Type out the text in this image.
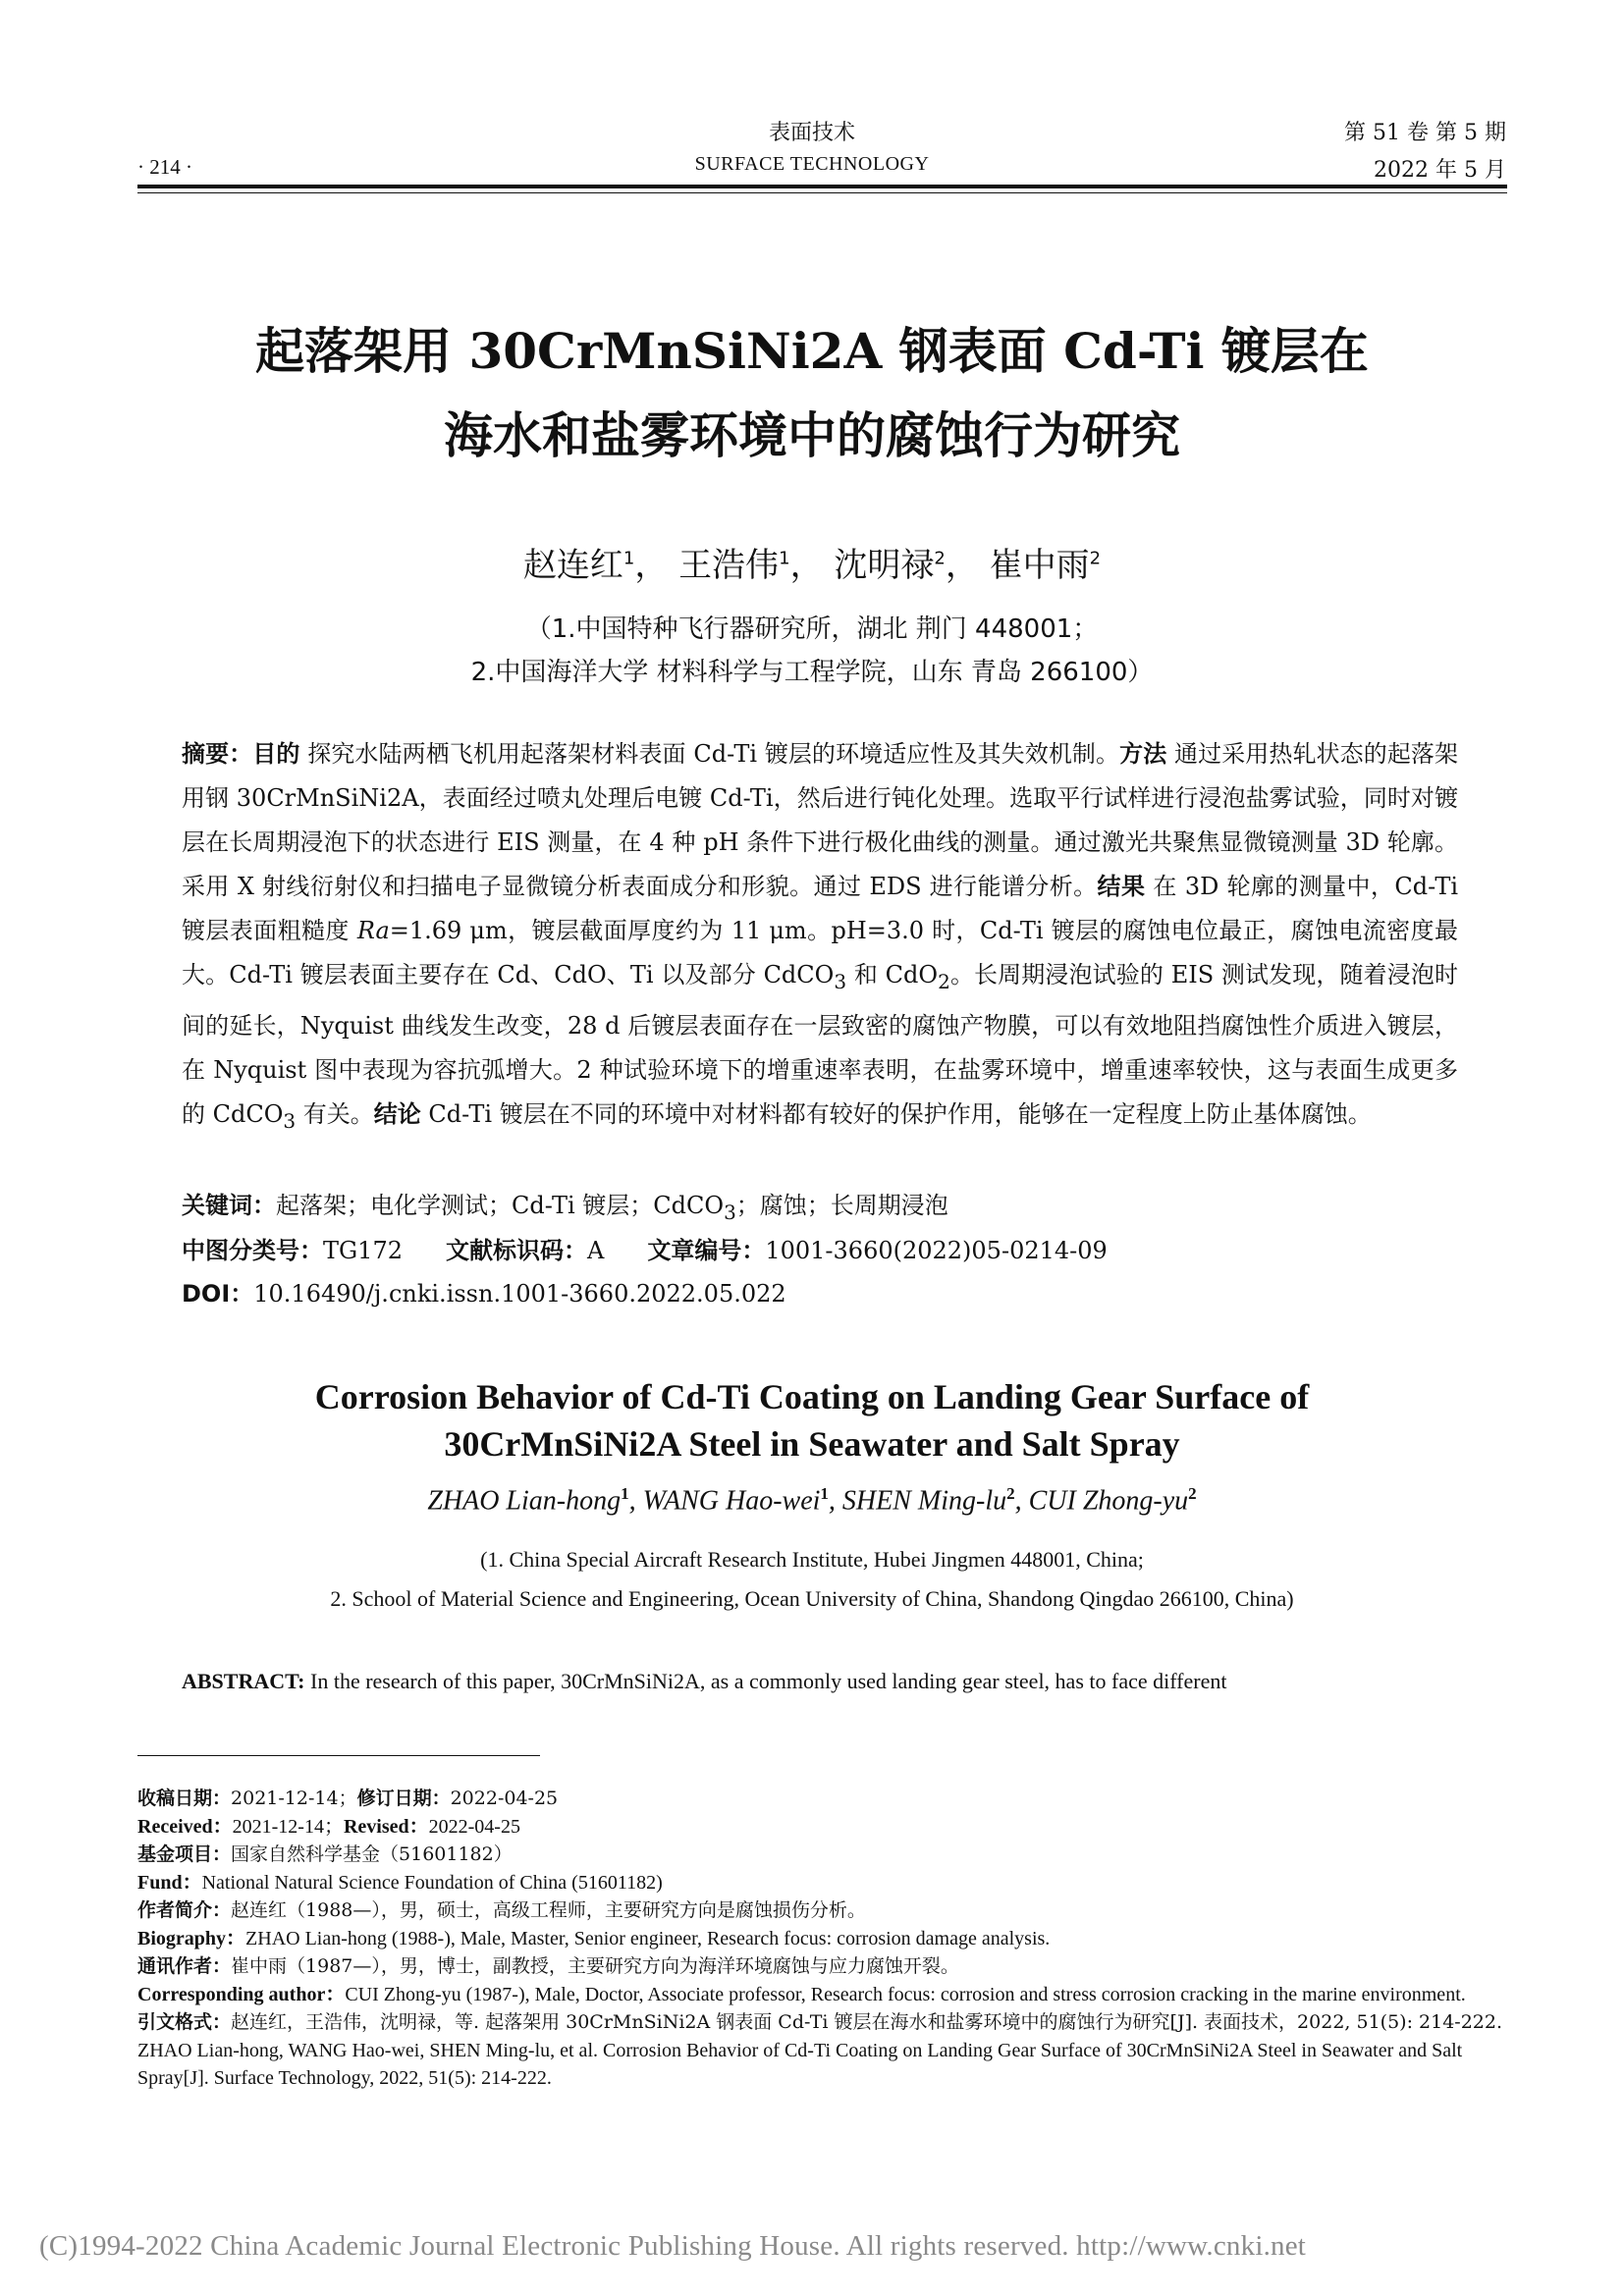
· 214 ·
表面技术
SURFACE TECHNOLOGY
第 51 卷 第 5 期
2022 年 5 月
起落架用 30CrMnSiNi2A 钢表面 Cd-Ti 镀层在
海水和盐雾环境中的腐蚀行为研究
赵连红$^1$， 王浩伟$^1$， 沈明禄$^2$， 崔中雨$^2$
（1.中国特种飞行器研究所，湖北 荆门 448001；
2.中国海洋大学 材料科学与工程学院，山东 青岛 266100）
摘要：目的 探究水陆两栖飞机用起落架材料表面 Cd-Ti 镀层的环境适应性及其失效机制。方法 通过采用热轧状态的起落架用钢 30CrMnSiNi2A，表面经过喷丸处理后电镀 Cd-Ti，然后进行钝化处理。选取平行试样进行浸泡盐雾试验，同时对镀层在长周期浸泡下的状态进行 EIS 测量，在 4 种 pH 条件下进行极化曲线的测量。通过激光共聚焦显微镜测量 3D 轮廓。采用 X 射线衍射仪和扫描电子显微镜分析表面成分和形貌。通过 EDS 进行能谱分析。结果 在 3D 轮廓的测量中，Cd-Ti 镀层表面粗糙度 Ra=1.69 μm，镀层截面厚度约为 11 μm。pH=3.0 时，Cd-Ti 镀层的腐蚀电位最正，腐蚀电流密度最大。Cd-Ti 镀层表面主要存在 Cd、CdO、Ti 以及部分 CdCO$_3$ 和 CdO$_2$。长周期浸泡试验的 EIS 测试发现，随着浸泡时间的延长，Nyquist 曲线发生改变，28 d 后镀层表面存在一层致密的腐蚀产物膜，可以有效地阻挡腐蚀性介质进入镀层，在 Nyquist 图中表现为容抗弧增大。2 种试验环境下的增重速率表明，在盐雾环境中，增重速率较快，这与表面生成更多的 CdCO$_3$ 有关。结论 Cd-Ti 镀层在不同的环境中对材料都有较好的保护作用，能够在一定程度上防止基体腐蚀。
关键词：起落架；电化学测试；Cd-Ti 镀层；CdCO$_3$；腐蚀；长周期浸泡
中图分类号：TG172 文献标识码：A 文章编号：1001-3660(2022)05-0214-09
DOI：10.16490/j.cnki.issn.1001-3660.2022.05.022
Corrosion Behavior of Cd-Ti Coating on Landing Gear Surface of
30CrMnSiNi2A Steel in Seawater and Salt Spray
ZHAO Lian-hong$^1$, WANG Hao-wei$^1$, SHEN Ming-$lu^2$, CUI Zhong-$yu^2$
(1. China Special Aircraft Research Institute, Hubei Jingmen 448001, China;
2. School of Material Science and Engineering, Ocean University of China, Shandong Qingdao 266100, China)
ABSTRACT: In the research of this paper, 30CrMnSiNi2A, as a commonly used landing gear steel, has to face different
收稿日期：2021-12-14；修订日期：2022-04-25
Received：2021-12-14；Revised：2022-04-25
基金项目：国家自然科学基金（51601182）
Fund：National Natural Science Foundation of China (51601182)
作者简介：赵连红（1988—），男，硕士，高级工程师，主要研究方向是腐蚀损伤分析。
Biography：ZHAO Lian-hong (1988-), Male, Master, Senior engineer, Research focus: corrosion damage analysis.
通讯作者：崔中雨（1987—），男，博士，副教授，主要研究方向为海洋环境腐蚀与应力腐蚀开裂。
Corresponding author：CUI Zhong-yu (1987-), Male, Doctor, Associate professor, Research focus: corrosion and stress corrosion cracking in the marine environment.
引文格式：赵连红，王浩伟，沈明禄，等. 起落架用 30CrMnSiNi2A 钢表面 Cd-Ti 镀层在海水和盐雾环境中的腐蚀行为研究[J]. 表面技术，2022, 51(5): 214-222.
ZHAO Lian-hong, WANG Hao-wei, SHEN Ming-lu, et al. Corrosion Behavior of Cd-Ti Coating on Landing Gear Surface of 30CrMnSiNi2A Steel in Seawater and Salt Spray[J]. Surface Technology, 2022, 51(5): 214-222.
(C)1994-2022 China Academic Journal Electronic Publishing House. All rights reserved. http://www.cnki.net
